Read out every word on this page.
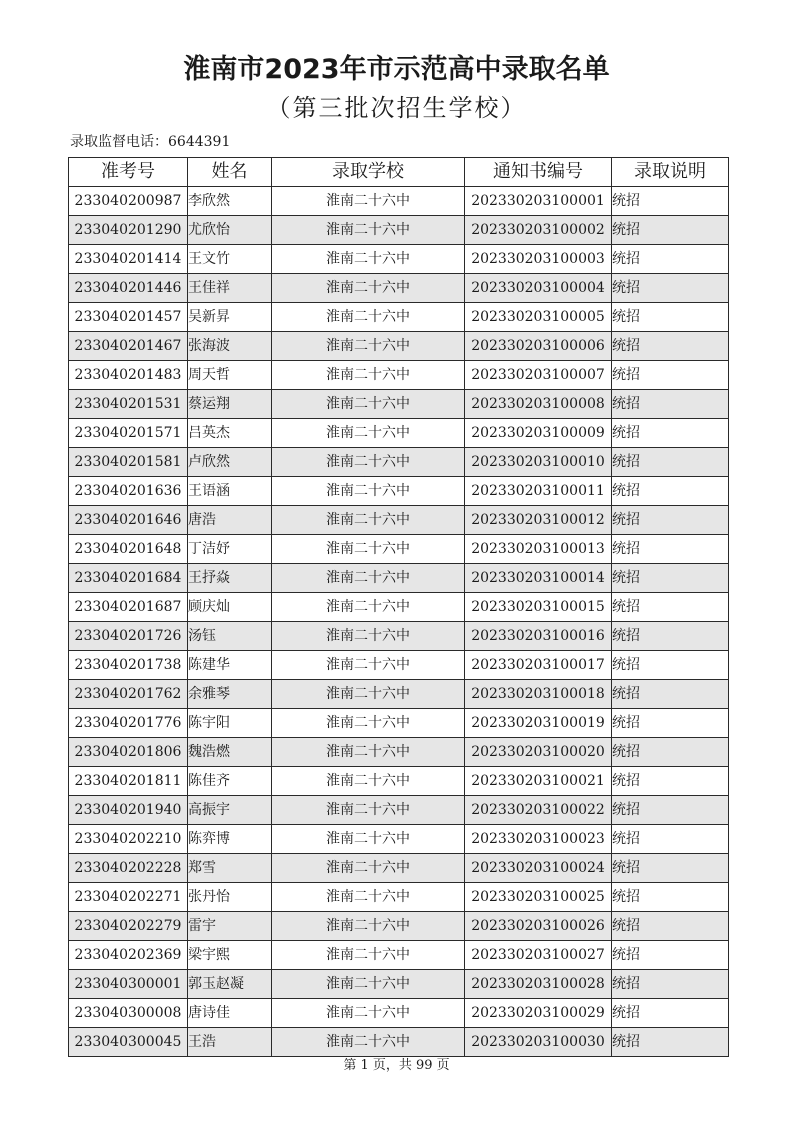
淮南市2023年市示范高中录取名单
（第三批次招生学校）
录取监督电话：6644391
准考号	姓名	录取学校	通知书编号	录取说明
233040200987	李欣然	淮南二十六中	202330203100001	统招
233040201290	尤欣怡	淮南二十六中	202330203100002	统招
233040201414	王文竹	淮南二十六中	202330203100003	统招
233040201446	王佳祥	淮南二十六中	202330203100004	统招
233040201457	吴新昇	淮南二十六中	202330203100005	统招
233040201467	张海波	淮南二十六中	202330203100006	统招
233040201483	周天哲	淮南二十六中	202330203100007	统招
233040201531	蔡运翔	淮南二十六中	202330203100008	统招
233040201571	吕英杰	淮南二十六中	202330203100009	统招
233040201581	卢欣然	淮南二十六中	202330203100010	统招
233040201636	王语涵	淮南二十六中	202330203100011	统招
233040201646	唐浩	淮南二十六中	202330203100012	统招
233040201648	丁洁妤	淮南二十六中	202330203100013	统招
233040201684	王抒焱	淮南二十六中	202330203100014	统招
233040201687	顾庆灿	淮南二十六中	202330203100015	统招
233040201726	汤钰	淮南二十六中	202330203100016	统招
233040201738	陈建华	淮南二十六中	202330203100017	统招
233040201762	余雅琴	淮南二十六中	202330203100018	统招
233040201776	陈宇阳	淮南二十六中	202330203100019	统招
233040201806	魏浩燃	淮南二十六中	202330203100020	统招
233040201811	陈佳齐	淮南二十六中	202330203100021	统招
233040201940	高振宇	淮南二十六中	202330203100022	统招
233040202210	陈弈博	淮南二十六中	202330203100023	统招
233040202228	郑雪	淮南二十六中	202330203100024	统招
233040202271	张丹怡	淮南二十六中	202330203100025	统招
233040202279	雷宇	淮南二十六中	202330203100026	统招
233040202369	梁宇熙	淮南二十六中	202330203100027	统招
233040300001	郭玉赵凝	淮南二十六中	202330203100028	统招
233040300008	唐诗佳	淮南二十六中	202330203100029	统招
233040300045	王浩	淮南二十六中	202330203100030	统招
第 1 页，共 99 页
